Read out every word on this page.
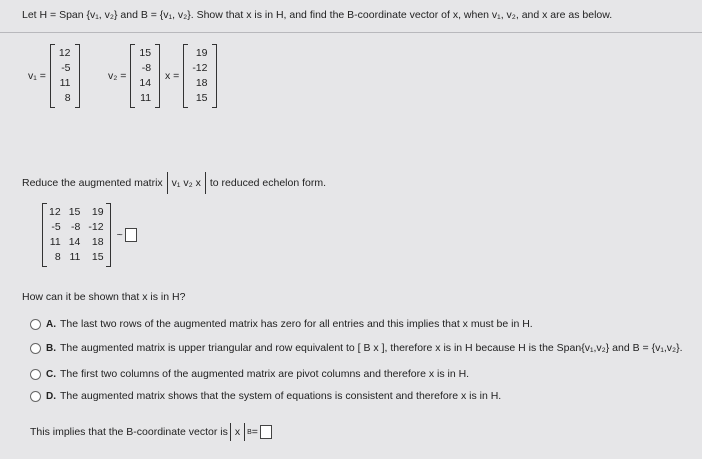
Let H = Span {v₁, v₂} and B = {v₁, v₂}. Show that x is in H, and find the B-coordinate vector of x, when v₁, v₂, and x are as below.
v₁ =
12
-5
11
8
v₂ =
15
-8
14
11
x =
19
-12
18
15
Reduce the augmented matrix v₁ v₂ x to reduced echelon form.
12
-5
11
8
15
-8
14
11
19
-12
18
15
~
How can it be shown that x is in H?
A. The last two rows of the augmented matrix has zero for all entries and this implies that x must be in H.
B. The augmented matrix is upper triangular and row equivalent to [ B x ], therefore x is in H because H is the Span{v₁,v₂} and B = {v₁,v₂}.
C. The first two columns of the augmented matrix are pivot columns and therefore x is in H.
D. The augmented matrix shows that the system of equations is consistent and therefore x is in H.
This implies that the B-coordinate vector is x B =
